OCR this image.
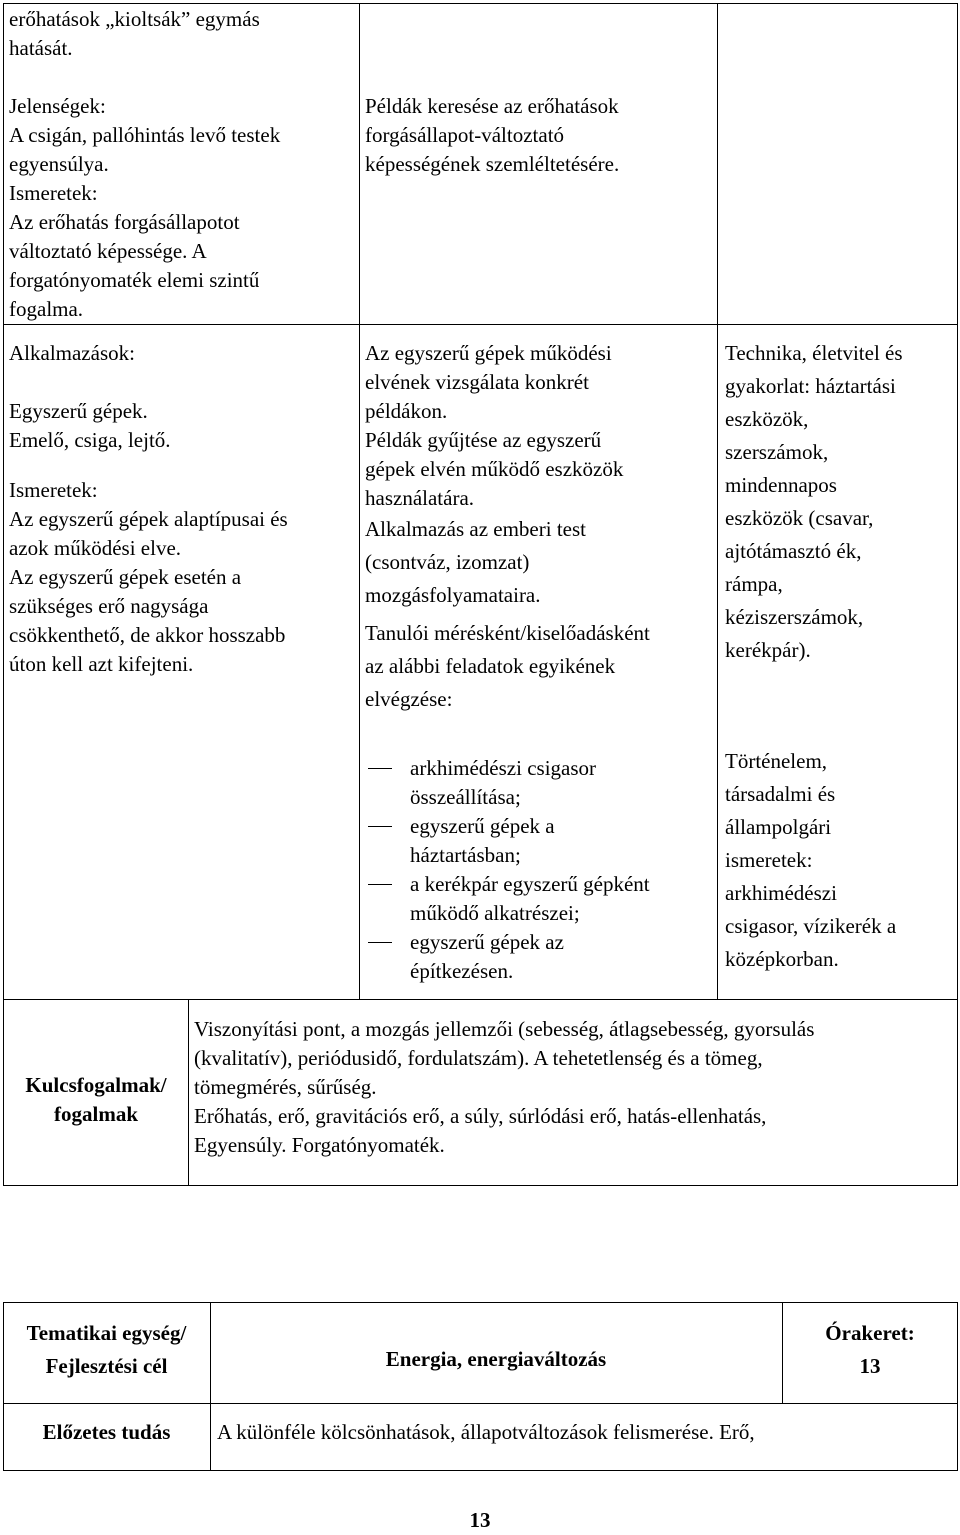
erőhatások „kioltsák” egymás
hatását.
Jelenségek:
A csigán, pallóhintás levő testek
egyensúlya.
Ismeretek:
Az erőhatás forgásállapotot
változtató képessége. A
forgatónyomaték elemi szintű
fogalma.
Példák keresése az erőhatások
forgásállapot-változtató
képességének szemléltetésére.
Alkalmazások:
Egyszerű gépek.
Emelő, csiga, lejtő.
Ismeretek:
Az egyszerű gépek alaptípusai és
azok működési elve.
Az egyszerű gépek esetén a
szükséges erő nagysága
csökkenthető, de akkor hosszabb
úton kell azt kifejteni.
Az egyszerű gépek működési
elvének vizsgálata konkrét
példákon.
Példák gyűjtése az egyszerű
gépek elvén működő eszközök
használatára.
Alkalmazás az emberi test
(csontváz, izomzat)
mozgásfolyamataira.
Tanulói mérésként/kiselőadásként
az alábbi feladatok egyikének
elvégzése:
arkhimédészi csigasor
összeállítása;
egyszerű gépek a
háztartásban;
a kerékpár egyszerű gépként
működő alkatrészei;
egyszerű gépek az
építkezésen.
Technika, életvitel és
gyakorlat: háztartási
eszközök,
szerszámok,
mindennapos
eszközök (csavar,
ajtótámasztó ék,
rámpa,
kéziszerszámok,
kerékpár).
Történelem,
társadalmi és
állampolgári
ismeretek:
arkhimédészi
csigasor, vízikerék a
középkorban.
Kulcsfogalmak/
fogalmak
Viszonyítási pont, a mozgás jellemzői (sebesség, átlagsebesség, gyorsulás
(kvalitatív), periódusidő, fordulatszám). A tehetetlenség és a tömeg,
tömegmérés, sűrűség.
Erőhatás, erő, gravitációs erő, a súly, súrlódási erő, hatás-ellenhatás,
Egyensúly. Forgatónyomaték.
Tematikai egység/
Fejlesztési cél	Energia, energiaváltozás
Órakeret:
13
Előzetes tudás	A különféle kölcsönhatások, állapotváltozások felismerése. Erő,
13
